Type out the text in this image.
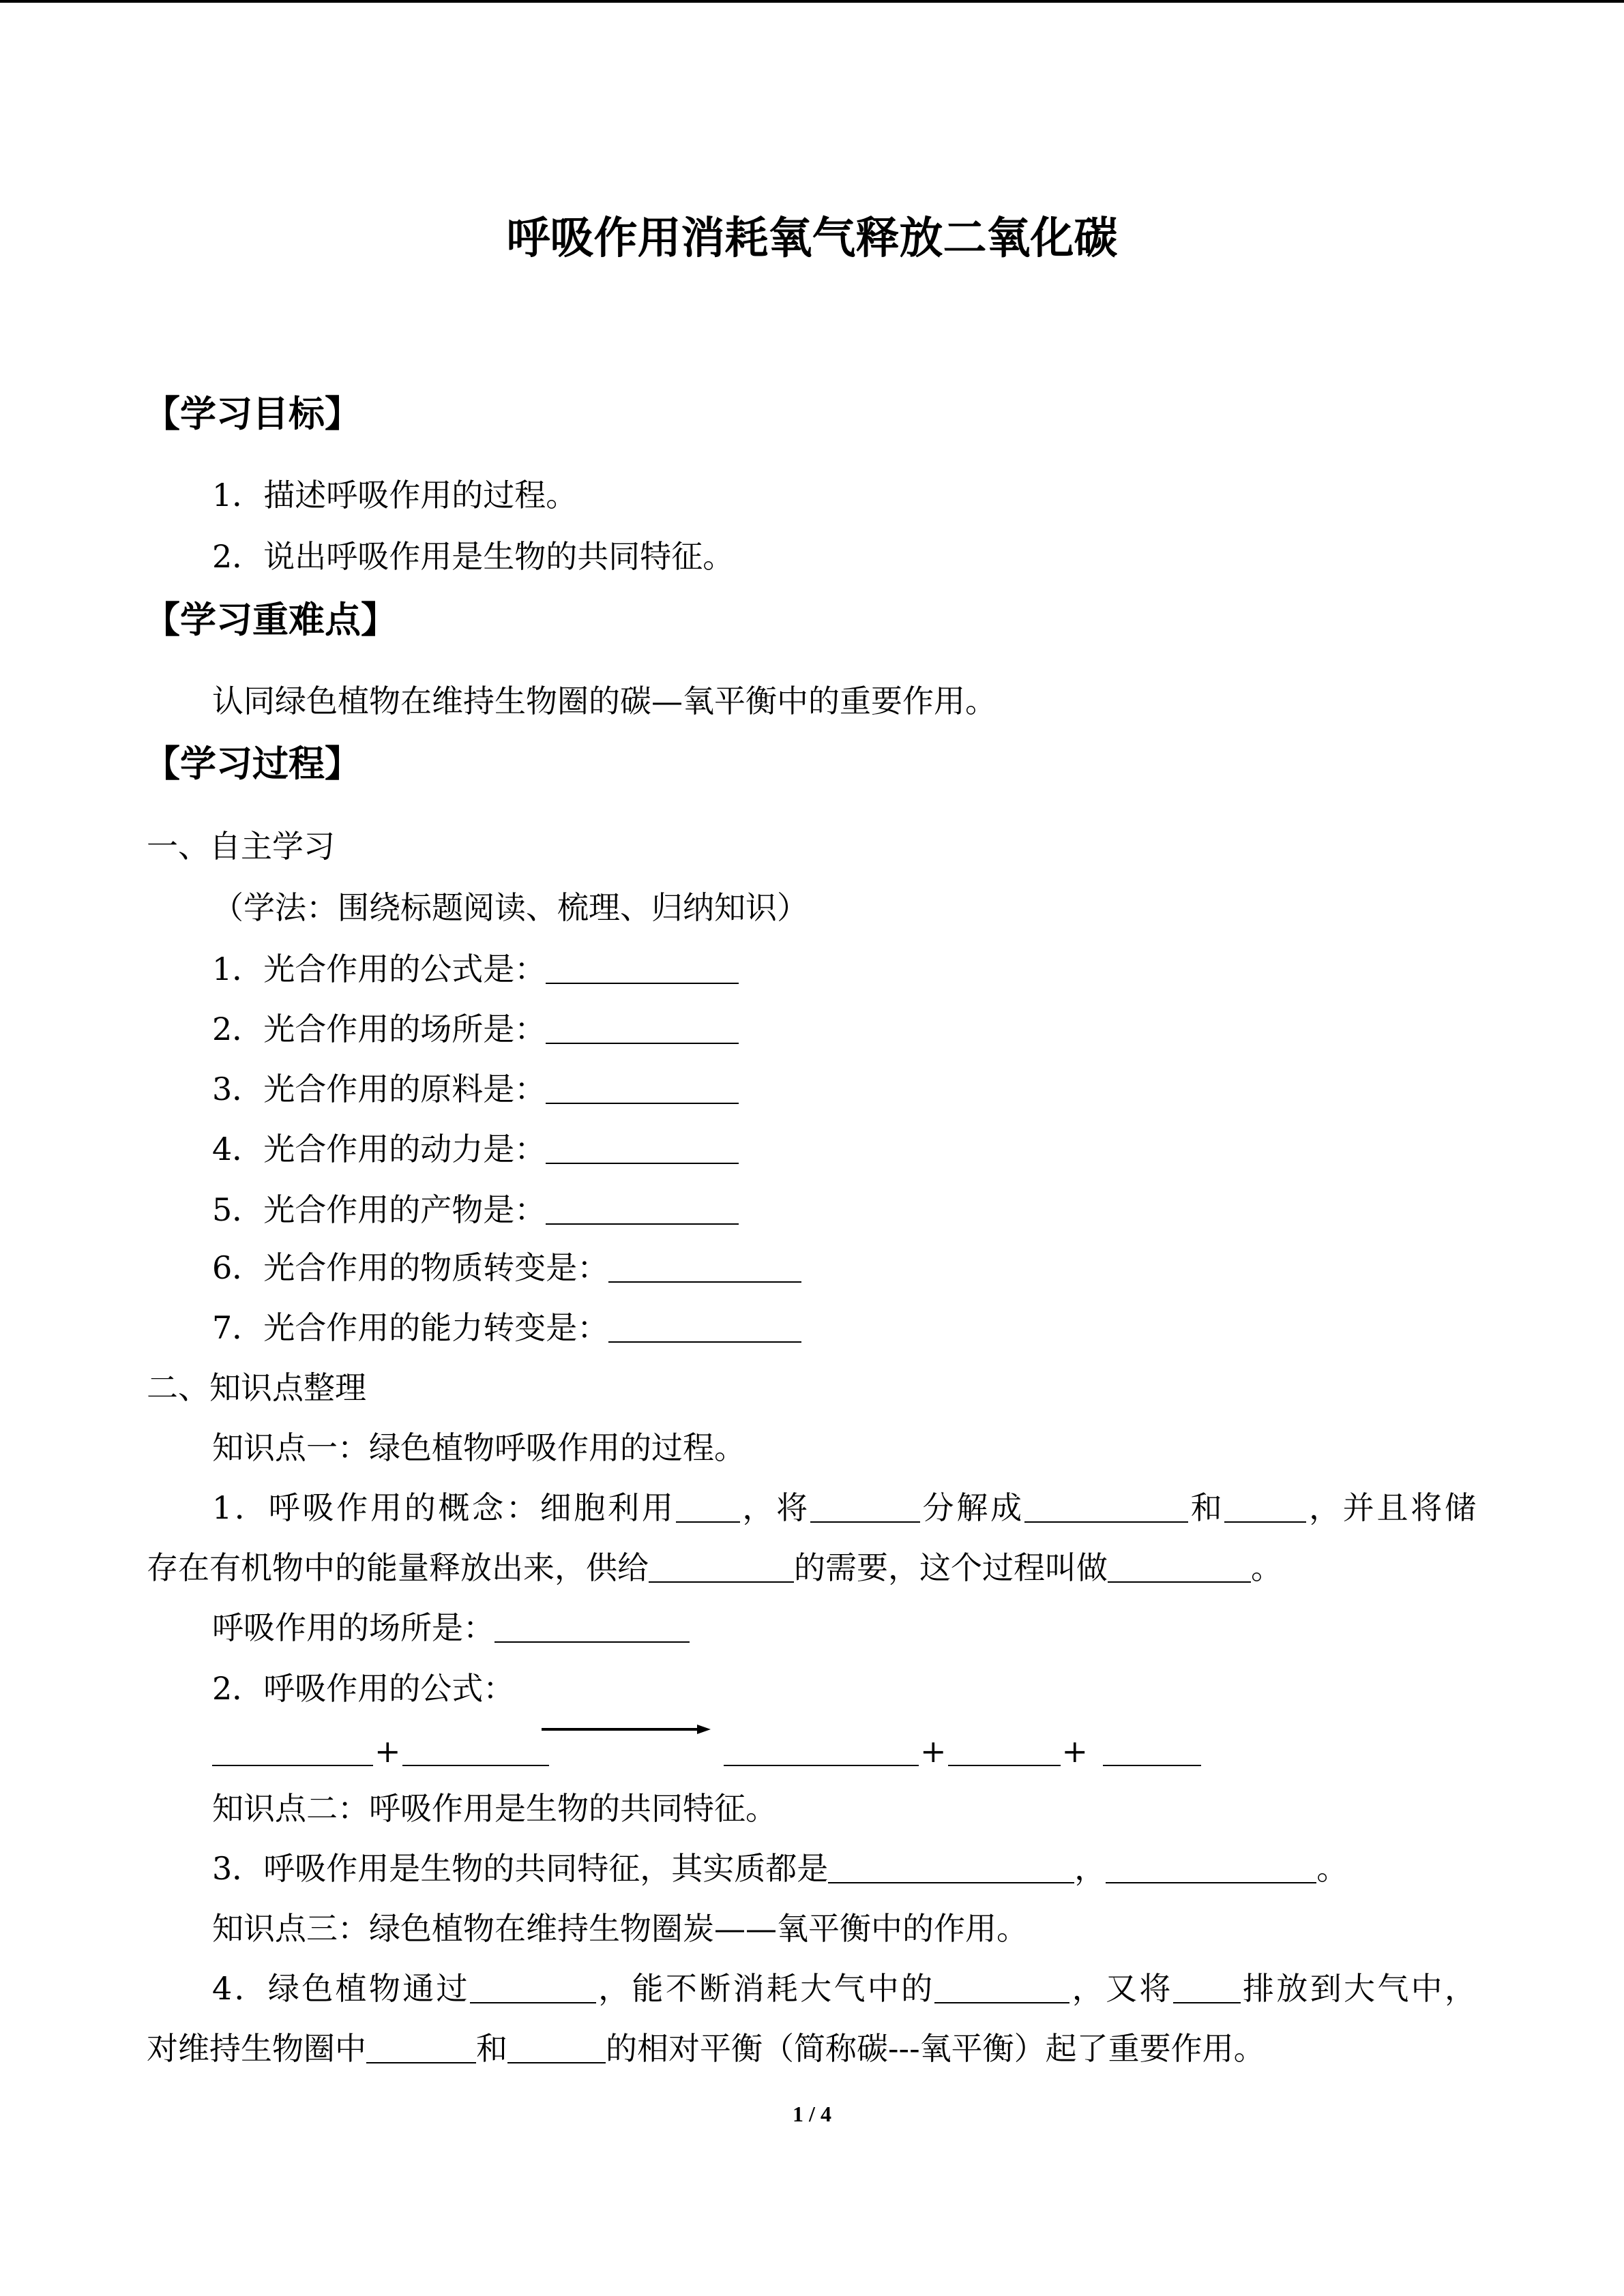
呼吸作用消耗氧气释放二氧化碳
【学习目标】
1．描述呼吸作用的过程。
2．说出呼吸作用是生物的共同特征。
【学习重难点】
认同绿色植物在维持生物圈的碳—氧平衡中的重要作用。
【学习过程】
一、自主学习
（学法：围绕标题阅读、梳理、归纳知识）
1．光合作用的公式是：
2．光合作用的场所是：
3．光合作用的原料是：
4．光合作用的动力是：
5．光合作用的产物是：
6．光合作用的物质转变是：
7．光合作用的能力转变是：
二、知识点整理
知识点一：绿色植物呼吸作用的过程。
1．呼吸作用的概念：细胞利用 ，将	分解成	和	，并且将储
存在有机物中的能量释放出来，供给	的需要，这个过程叫做	。
呼吸作用的场所是：
2．呼吸作用的公式：
+	+	+
知识点二：呼吸作用是生物的共同特征。
3．呼吸作用是生物的共同特征，其实质都是	，	。
知识点三：绿色植物在维持生物圈炭——氧平衡中的作用。
4．绿色植物通过	，能不断消耗大气中的	，又将 排放到大气中，
对维持生物圈中	和	的相对平衡（简称碳---氧平衡）起了重要作用。
1 / 4
